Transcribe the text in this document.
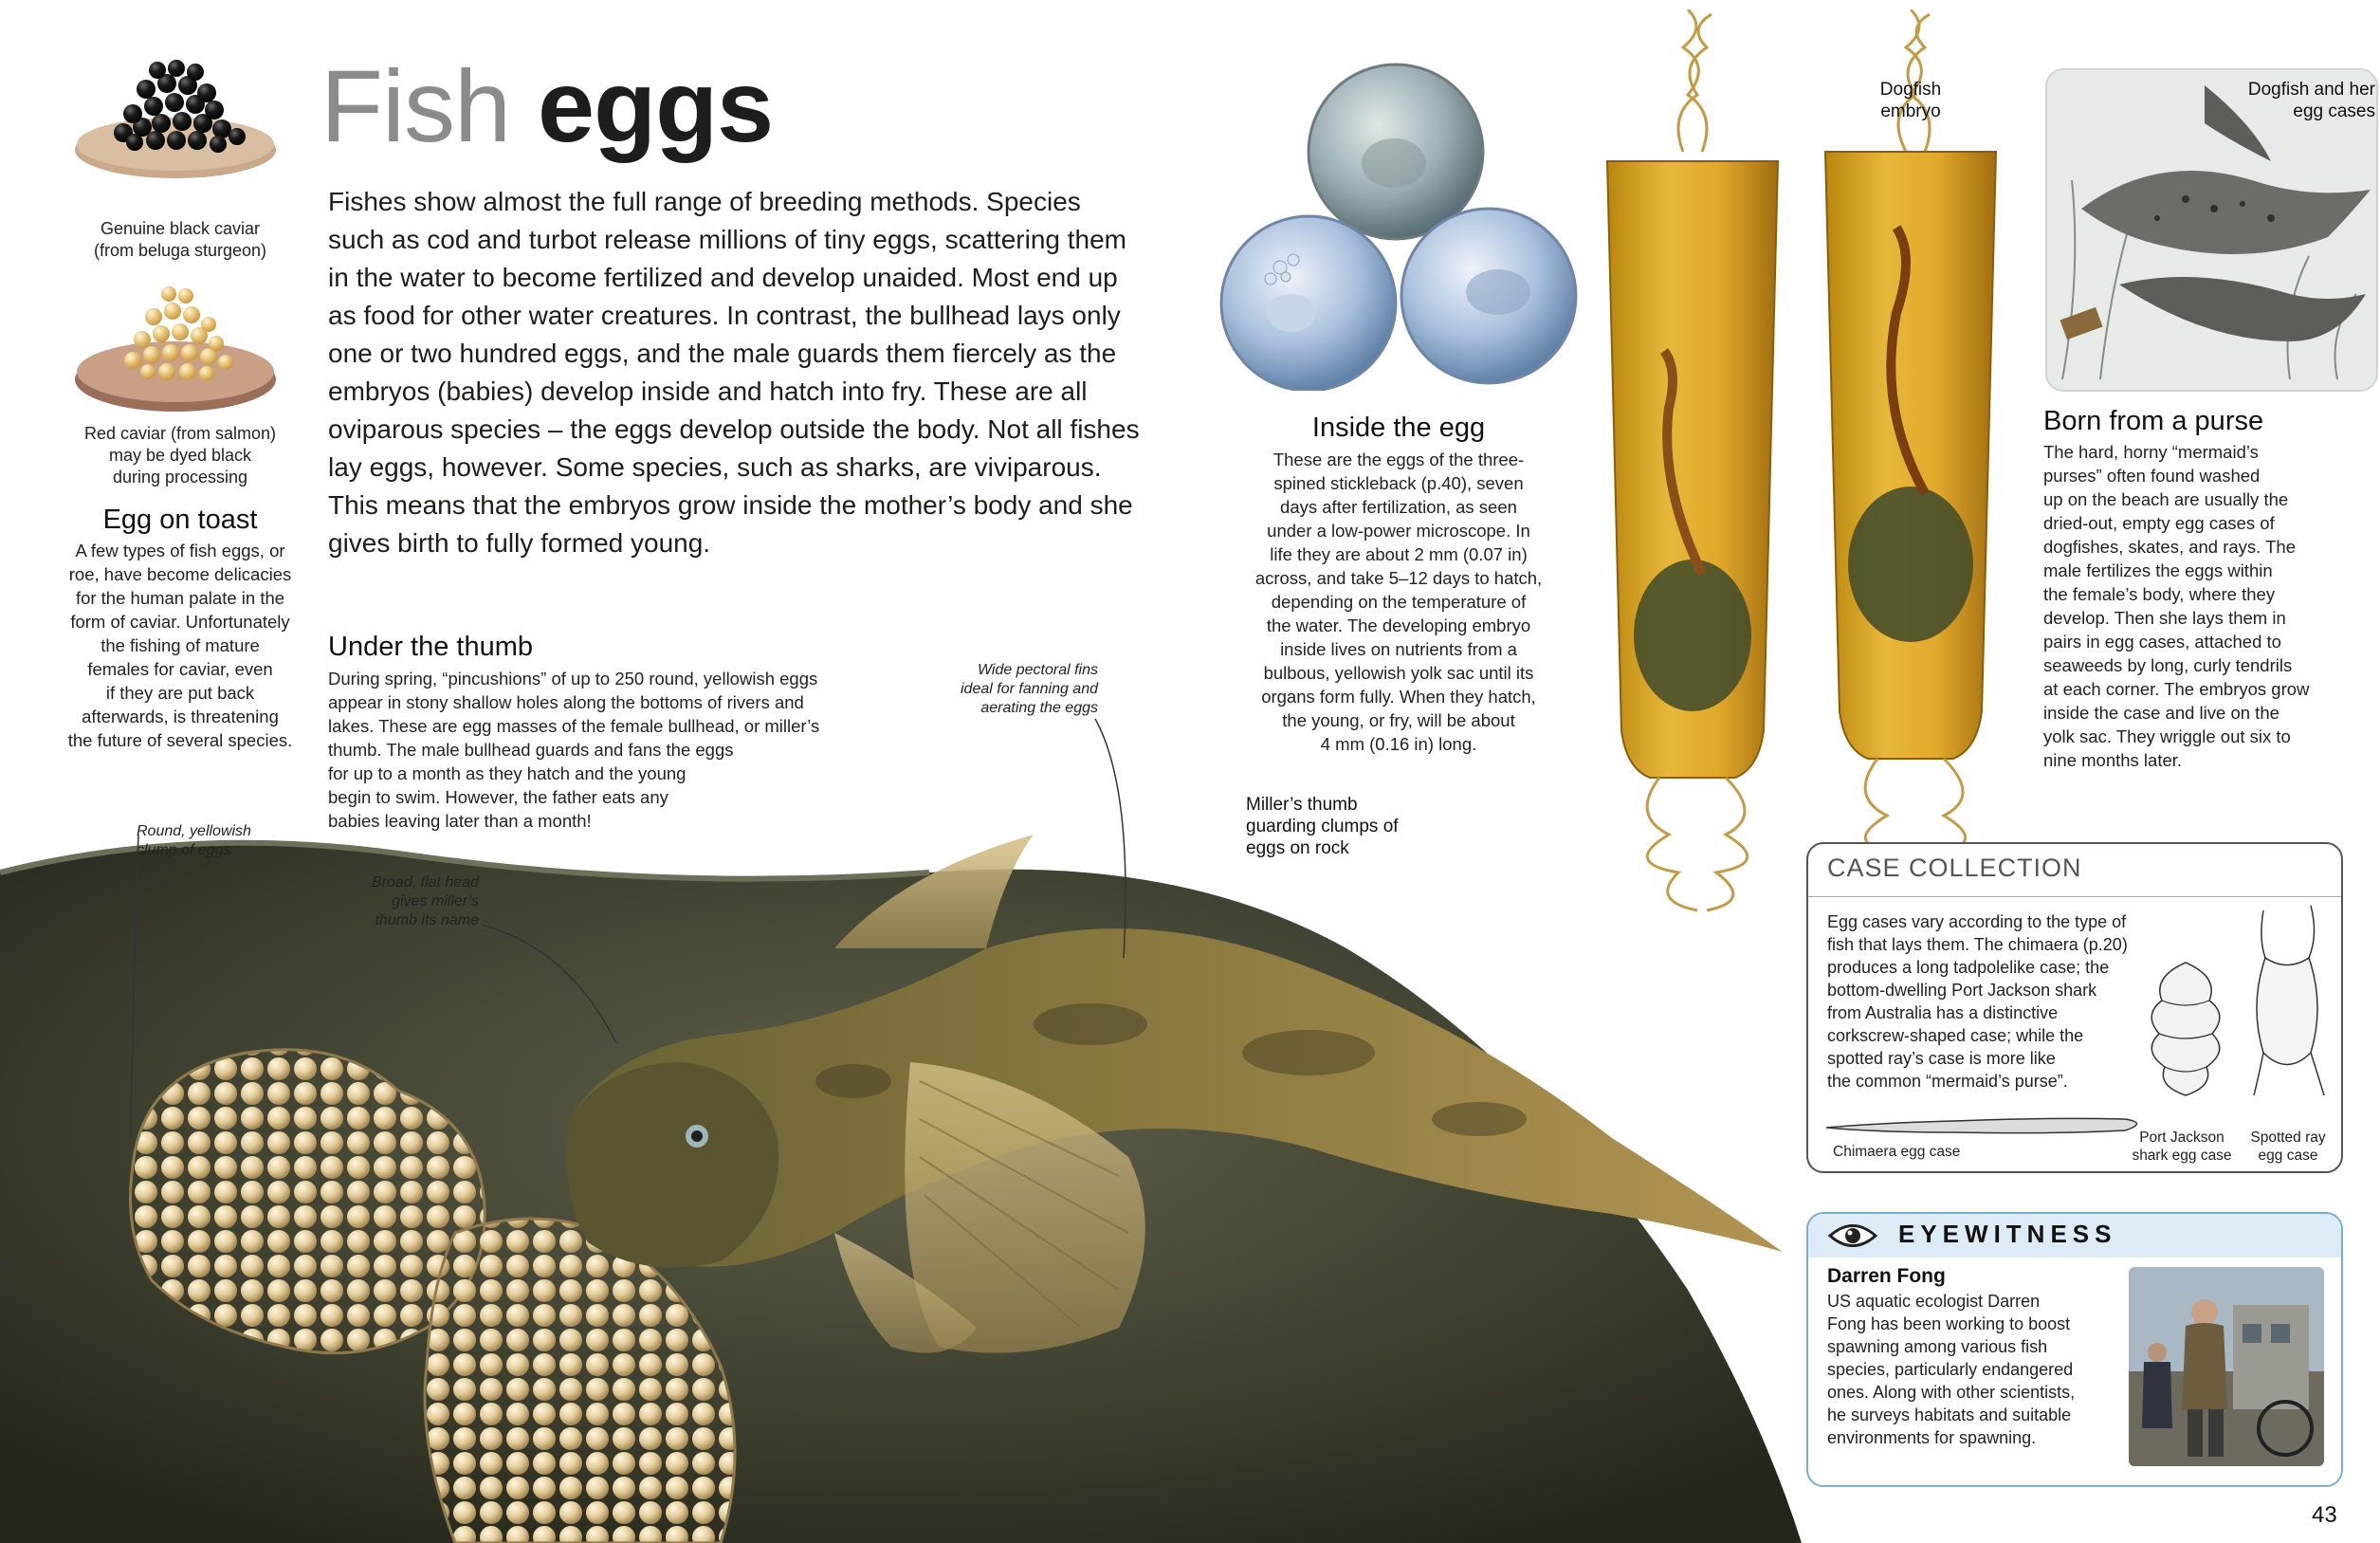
Fish eggs
Fishes show almost the full range of breeding methods. Species such as cod and turbot release millions of tiny eggs, scattering them in the water to become fertilized and develop unaided. Most end up as food for other water creatures. In contrast, the bullhead lays only one or two hundred eggs, and the male guards them fiercely as the embryos (babies) develop inside and hatch into fry. These are all oviparous species – the eggs develop outside the body. Not all fishes lay eggs, however. Some species, such as sharks, are viviparous. This means that the embryos grow inside the mother’s body and she gives birth to fully formed young.
Genuine black caviar
(from beluga sturgeon)
Red caviar (from salmon)
may be dyed black
during processing
Egg on toast
A few types of fish eggs, or
roe, have become delicacies
for the human palate in the
form of caviar. Unfortunately
the fishing of mature
females for caviar, even
if they are put back
afterwards, is threatening
the future of several species.
Under the thumb
During spring, “pincushions” of up to 250 round, yellowish eggs
appear in stony shallow holes along the bottoms of rivers and
lakes. These are egg masses of the female bullhead, or miller’s
thumb. The male bullhead guards and fans the eggs
for up to a month as they hatch and the young
begin to swim. However, the father eats any
babies leaving later than a month!
Round, yellowish
clump of eggs
Broad, flat head
gives miller’s
thumb its name
Wide pectoral fins
ideal for fanning and
aerating the eggs
Miller’s thumb
guarding clumps of
eggs on rock
Inside the egg
These are the eggs of the three-
spined stickleback (p.40), seven
days after fertilization, as seen
under a low-power microscope. In
life they are about 2 mm (0.07 in)
across, and take 5–12 days to hatch,
depending on the temperature of
the water. The developing embryo
inside lives on nutrients from a
bulbous, yellowish yolk sac until its
organs form fully. When they hatch,
the young, or fry, will be about
4 mm (0.16 in) long.
Dogfish
embryo
Dogfish and her
egg cases
Born from a purse
The hard, horny “mermaid’s
purses” often found washed
up on the beach are usually the
dried-out, empty egg cases of
dogfishes, skates, and rays. The
male fertilizes the eggs within
the female’s body, where they
develop. Then she lays them in
pairs in egg cases, attached to
seaweeds by long, curly tendrils
at each corner. The embryos grow
inside the case and live on the
yolk sac. They wriggle out six to
nine months later.
CASE COLLECTION
Egg cases vary according to the type of
fish that lays them. The chimaera (p.20)
produces a long tadpolelike case; the
bottom-dwelling Port Jackson shark
from Australia has a distinctive
corkscrew-shaped case; while the
spotted ray’s case is more like
the common “mermaid’s purse”.
Chimaera egg case
Port Jackson
shark egg case
Spotted ray
egg case
EYEWITNESS
Darren Fong
US aquatic ecologist Darren
Fong has been working to boost
spawning among various fish
species, particularly endangered
ones. Along with other scientists,
he surveys habitats and suitable
environments for spawning.
43
